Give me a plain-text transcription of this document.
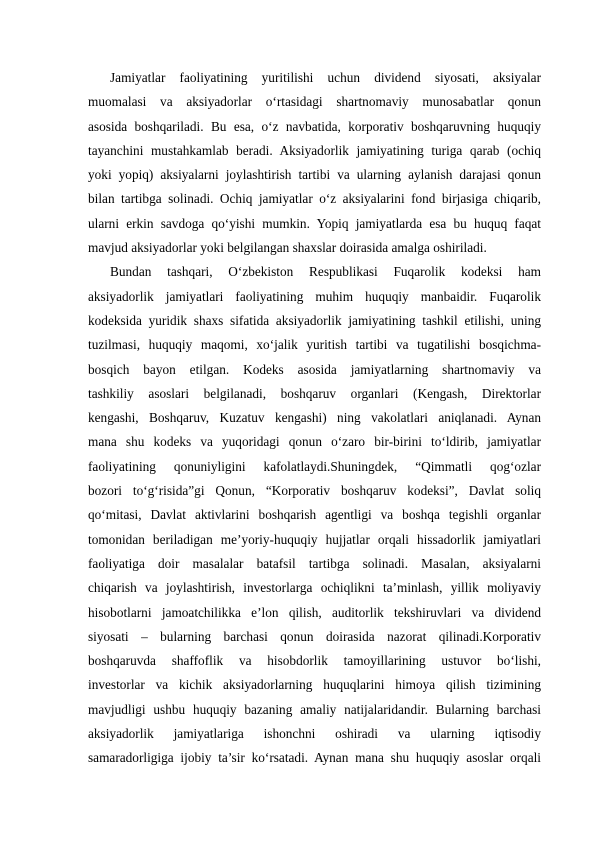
Jamiyatlar faoliyatining yuritilishi uchun dividend siyosati, aksiyalar
muomalasi va aksiyadorlar o‘rtasidagi shartnomaviy munosabatlar qonun
asosida boshqariladi. Bu esa, o‘z navbatida, korporativ boshqaruvning huquqiy
tayanchini mustahkamlab beradi. Aksiyadorlik jamiyatining turiga qarab (ochiq
yoki yopiq) aksiyalarni joylashtirish tartibi va ularning aylanish darajasi qonun
bilan tartibga solinadi. Ochiq jamiyatlar o‘z aksiyalarini fond birjasiga chiqarib,
ularni erkin savdoga qo‘yishi mumkin. Yopiq jamiyatlarda esa bu huquq faqat
mavjud aksiyadorlar yoki belgilangan shaxslar doirasida amalga oshiriladi.
Bundan tashqari, O‘zbekiston Respublikasi Fuqarolik kodeksi ham
aksiyadorlik jamiyatlari faoliyatining muhim huquqiy manbaidir. Fuqarolik
kodeksida yuridik shaxs sifatida aksiyadorlik jamiyatining tashkil etilishi, uning
tuzilmasi, huquqiy maqomi, xo‘jalik yuritish tartibi va tugatilishi bosqichma-
bosqich bayon etilgan. Kodeks asosida jamiyatlarning shartnomaviy va
tashkiliy asoslari belgilanadi, boshqaruv organlari (Kengash, Direktorlar
kengashi, Boshqaruv, Kuzatuv kengashi) ning vakolatlari aniqlanadi. Aynan
mana shu kodeks va yuqoridagi qonun o‘zaro bir-birini to‘ldirib, jamiyatlar
faoliyatining qonuniyligini kafolatlaydi.Shuningdek, “Qimmatli qog‘ozlar
bozori to‘g‘risida”gi Qonun, “Korporativ boshqaruv kodeksi”, Davlat soliq
qo‘mitasi, Davlat aktivlarini boshqarish agentligi va boshqa tegishli organlar
tomonidan beriladigan me’yoriy-huquqiy hujjatlar orqali hissadorlik jamiyatlari
faoliyatiga doir masalalar batafsil tartibga solinadi. Masalan, aksiyalarni
chiqarish va joylashtirish, investorlarga ochiqlikni ta’minlash, yillik moliyaviy
hisobotlarni jamoatchilikka e’lon qilish, auditorlik tekshiruvlari va dividend
siyosati – bularning barchasi qonun doirasida nazorat qilinadi.Korporativ
boshqaruvda shaffoflik va hisobdorlik tamoyillarining ustuvor bo‘lishi,
investorlar va kichik aksiyadorlarning huquqlarini himoya qilish tizimining
mavjudligi ushbu huquqiy bazaning amaliy natijalaridandir. Bularning barchasi
aksiyadorlik jamiyatlariga ishonchni oshiradi va ularning iqtisodiy
samaradorligiga ijobiy ta’sir ko‘rsatadi. Aynan mana shu huquqiy asoslar orqali
